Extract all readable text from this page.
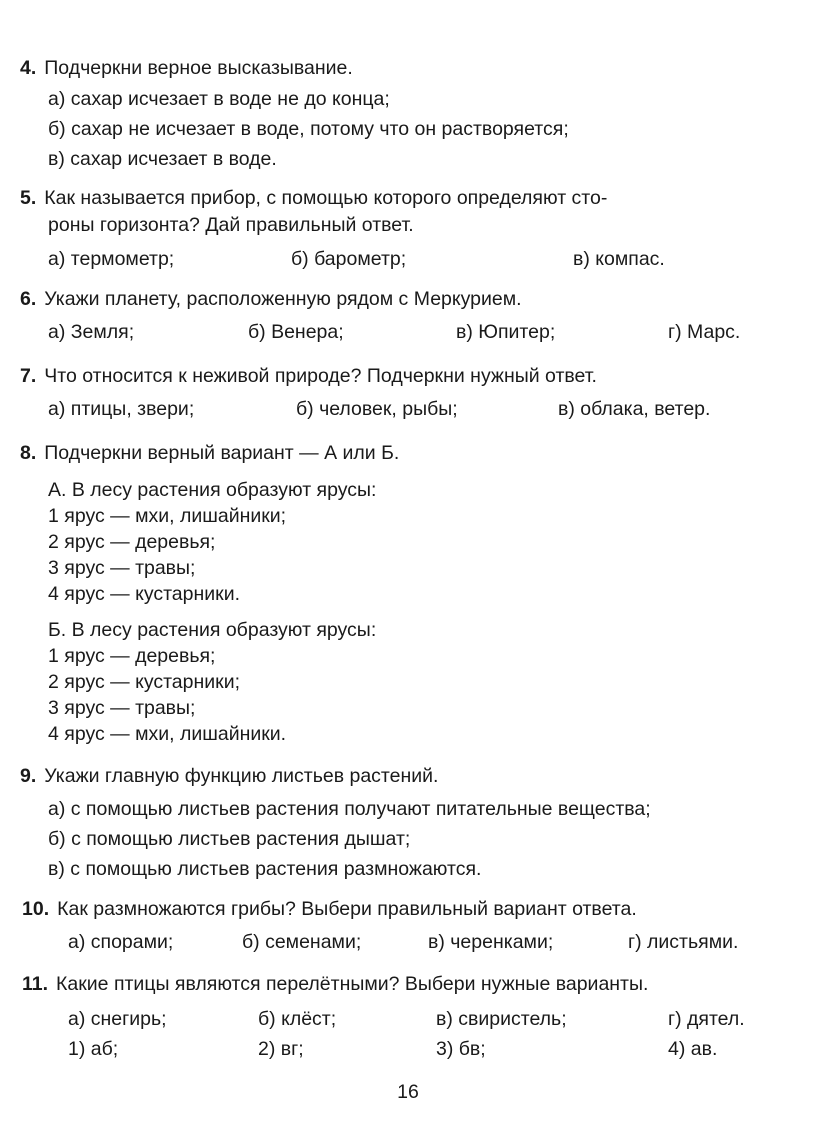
4. Подчеркни верное высказывание.
а) сахар исчезает в воде не до конца;
б) сахар не исчезает в воде, потому что он растворяется;
в) сахар исчезает в воде.
5. Как называется прибор, с помощью которого определяют сто-
роны горизонта? Дай правильный ответ.
а) термометр;	б) барометр;	в) компас.
6. Укажи планету, расположенную рядом с Меркурием.
а) Земля;	б) Венера;	в) Юпитер;	г) Марс.
7. Что относится к неживой природе? Подчеркни нужный ответ.
а) птицы, звери;	б) человек, рыбы;	в) облака, ветер.
8. Подчеркни верный вариант — А или Б.
А. В лесу растения образуют ярусы:
1 ярус — мхи, лишайники;
2 ярус — деревья;
3 ярус — травы;
4 ярус — кустарники.
Б. В лесу растения образуют ярусы:
1 ярус — деревья;
2 ярус — кустарники;
3 ярус — травы;
4 ярус — мхи, лишайники.
9. Укажи главную функцию листьев растений.
а) с помощью листьев растения получают питательные вещества;
б) с помощью листьев растения дышат;
в) с помощью листьев растения размножаются.
10. Как размножаются грибы? Выбери правильный вариант ответа.
а) спорами;	б) семенами;	в) черенками;	г) листьями.
11. Какие птицы являются перелётными? Выбери нужные варианты.
а) снегирь;	б) клёст;	в) свиристель;	г) дятел.
1) аб;	2) вг;	3) бв;	4) ав.
16
